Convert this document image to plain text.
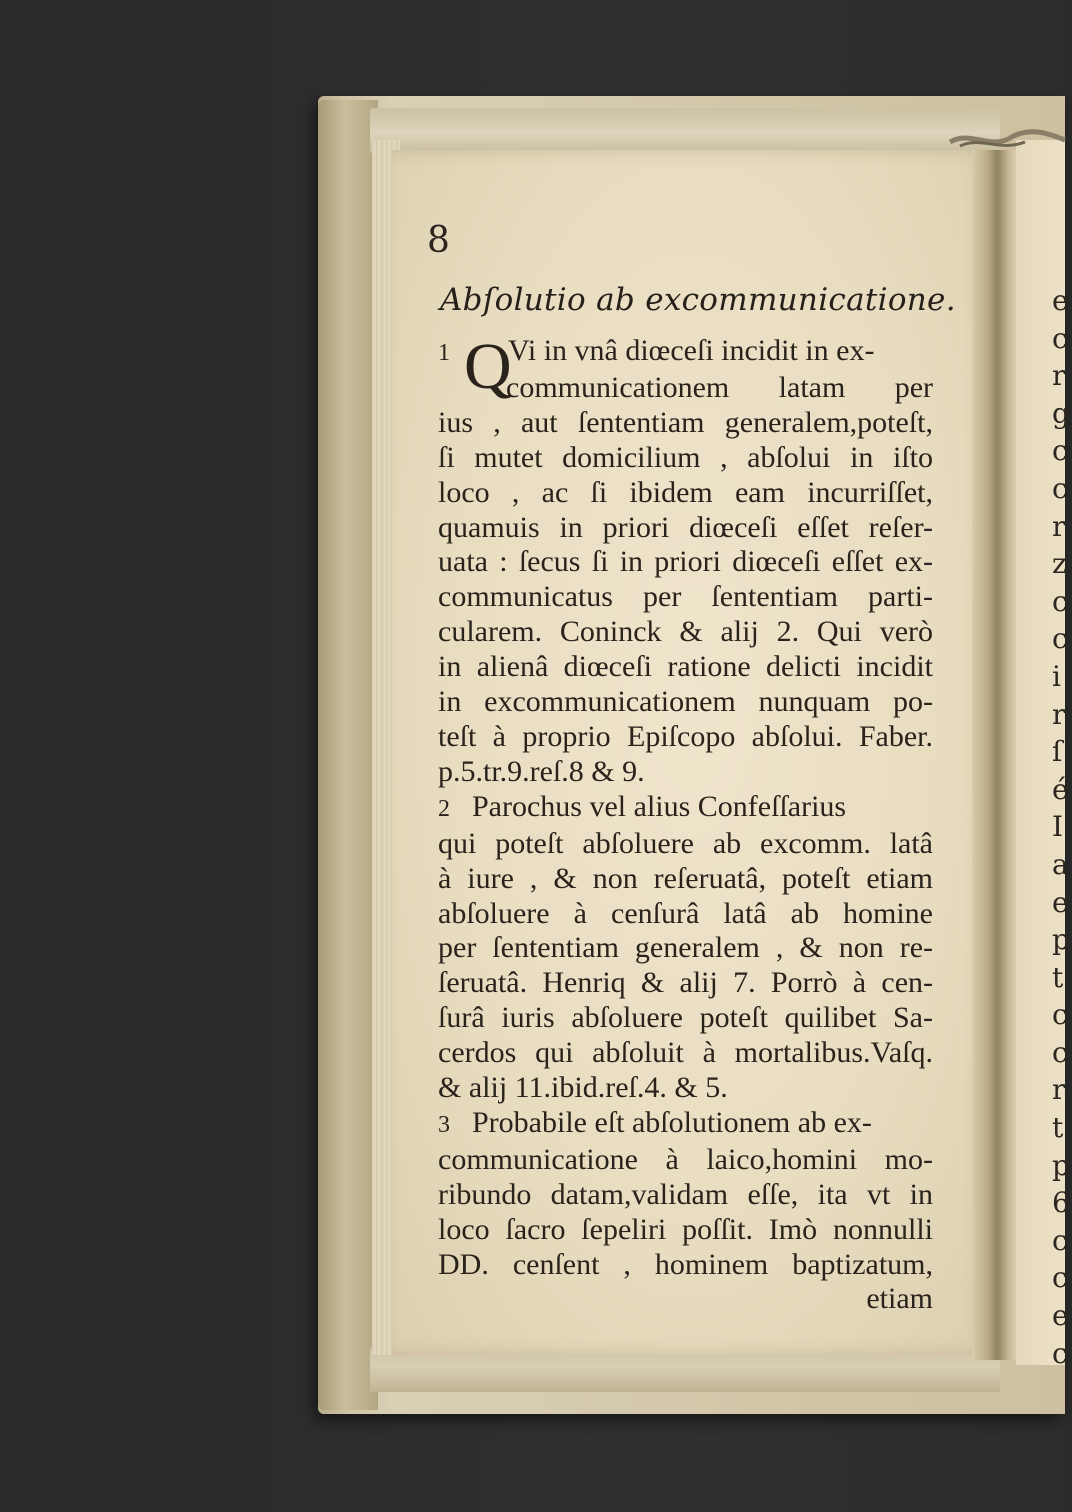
e
c
r
g
c
c
r
z
c
c
i
r
ſ
é
I
a
e
p
t
c
c
r
t
p
6
c
c
e
c
8
Abſolutio ab excommunicatione.
Q
1 Vi in vnâ diœceſi incidit in ex-
communicationem latam per
ius , aut ſententiam generalem,poteſt,
ſi mutet domicilium , abſolui in iſto
loco , ac ſi ibidem eam incurriſſet,
quamuis in priori diœceſi eſſet reſer-
uata : ſecus ſi in priori diœceſi eſſet ex-
communicatus per ſententiam parti-
cularem. Coninck & alij 2. Qui verò
in alienâ diœceſi ratione delicti incidit
in excommunicationem nunquam po-
teſt à proprio Epiſcopo abſolui. Faber.
p.5.tr.9.reſ.8 & 9.
2 Parochus vel alius Confeſſarius
qui poteſt abſoluere ab excomm. latâ
à iure , & non reſeruatâ, poteſt etiam
abſoluere à cenſurâ latâ ab homine
per ſententiam generalem , & non re-
ſeruatâ. Henriq & alij 7. Porrò à cen-
ſurâ iuris abſoluere poteſt quilibet Sa-
cerdos qui abſoluit à mortalibus.Vaſq.
& alij 11.ibid.reſ.4. & 5.
3 Probabile eſt abſolutionem ab ex-
communicatione à laico,homini mo-
ribundo datam,validam eſſe, ita vt in
loco ſacro ſepeliri poſſit. Imò nonnulli
DD. cenſent , hominem baptizatum,
etiam
